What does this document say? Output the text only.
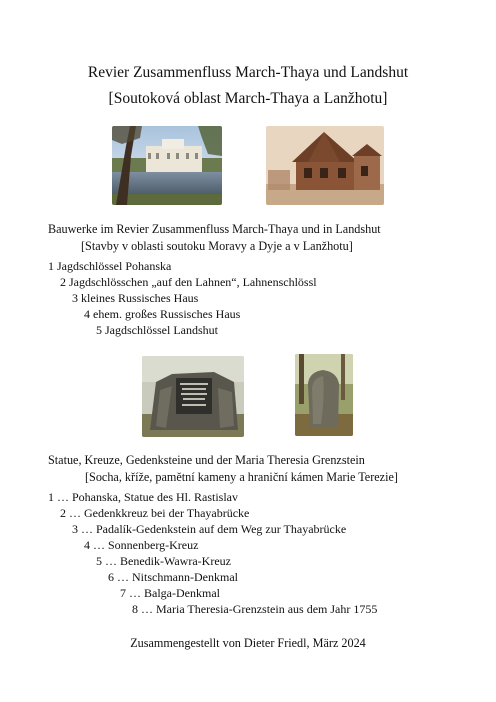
Revier Zusammenfluss March-Thaya und Landshut
[Soutoková oblast March-Thaya a Lanžhotu]
Bauwerke im Revier Zusammenfluss March-Thaya und in Landshut
[Stavby v oblasti soutoku Moravy a Dyje a v Lanžhotu]
1 Jagdschlössel Pohanska
2 Jagdschlösschen „auf den Lahnen“, Lahnenschlössl
3 kleines Russisches Haus
4 ehem. großes Russisches Haus
5 Jagdschlössel Landshut
Statue, Kreuze, Gedenksteine und der Maria Theresia Grenzstein
[Socha, kříže, pamětní kameny a hraniční kámen Marie Terezie]
1 … Pohanska, Statue des Hl. Rastislav
2 … Gedenkkreuz bei der Thayabrücke
3 … Padalík-Gedenkstein auf dem Weg zur Thayabrücke
4 … Sonnenberg-Kreuz
5 … Benedik-Wawra-Kreuz
6 … Nitschmann-Denkmal
7 … Balga-Denkmal
8 … Maria Theresia-Grenzstein aus dem Jahr 1755
Zusammengestellt von Dieter Friedl, März 2024
